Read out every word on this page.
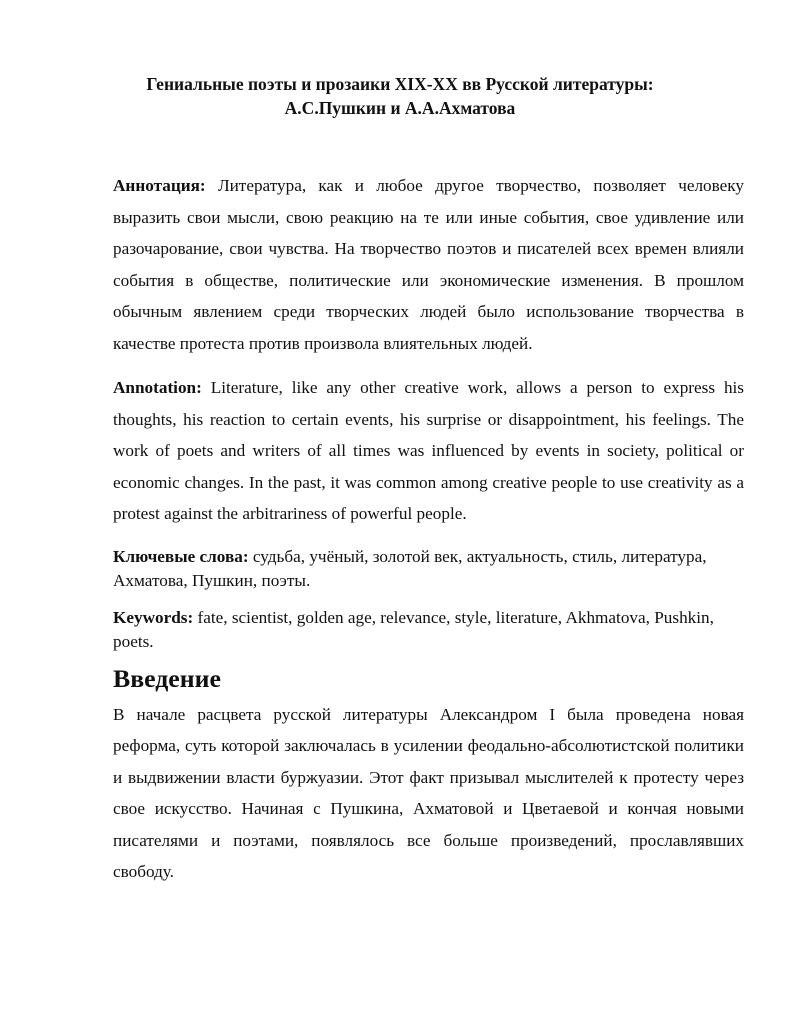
Гениальные поэты и прозаики XIX-XX вв Русской литературы:
А.С.Пушкин и А.А.Ахматова

Аннотация: Литература, как и любое другое творчество, позволяет человеку выразить свои мысли, свою реакцию на те или иные события, свое удивление или разочарование, свои чувства. На творчество поэтов и писателей всех времен влияли события в обществе, политические или экономические изменения. В прошлом обычным явлением среди творческих людей было использование творчества в качестве протеста против произвола влиятельных людей.

Annotation: Literature, like any other creative work, allows a person to express his thoughts, his reaction to certain events, his surprise or disappointment, his feelings. The work of poets and writers of all times was influenced by events in society, political or economic changes. In the past, it was common among creative people to use creativity as a protest against the arbitrariness of powerful people.

Ключевые слова: судьба, учёный, золотой век, актуальность, стиль, литература, Ахматова, Пушкин, поэты.

Keywords: fate, scientist, golden age, relevance, style, literature, Akhmatova, Pushkin, poets.

Введение

В начале расцвета русской литературы Александром I была проведена новая реформа, суть которой заключалась в усилении феодально-абсолютистской политики и выдвижении власти буржуазии. Этот факт призывал мыслителей к протесту через свое искусство. Начиная с Пушкина, Ахматовой и Цветаевой и кончая новыми писателями и поэтами, появлялось все больше произведений, прославлявших свободу.
